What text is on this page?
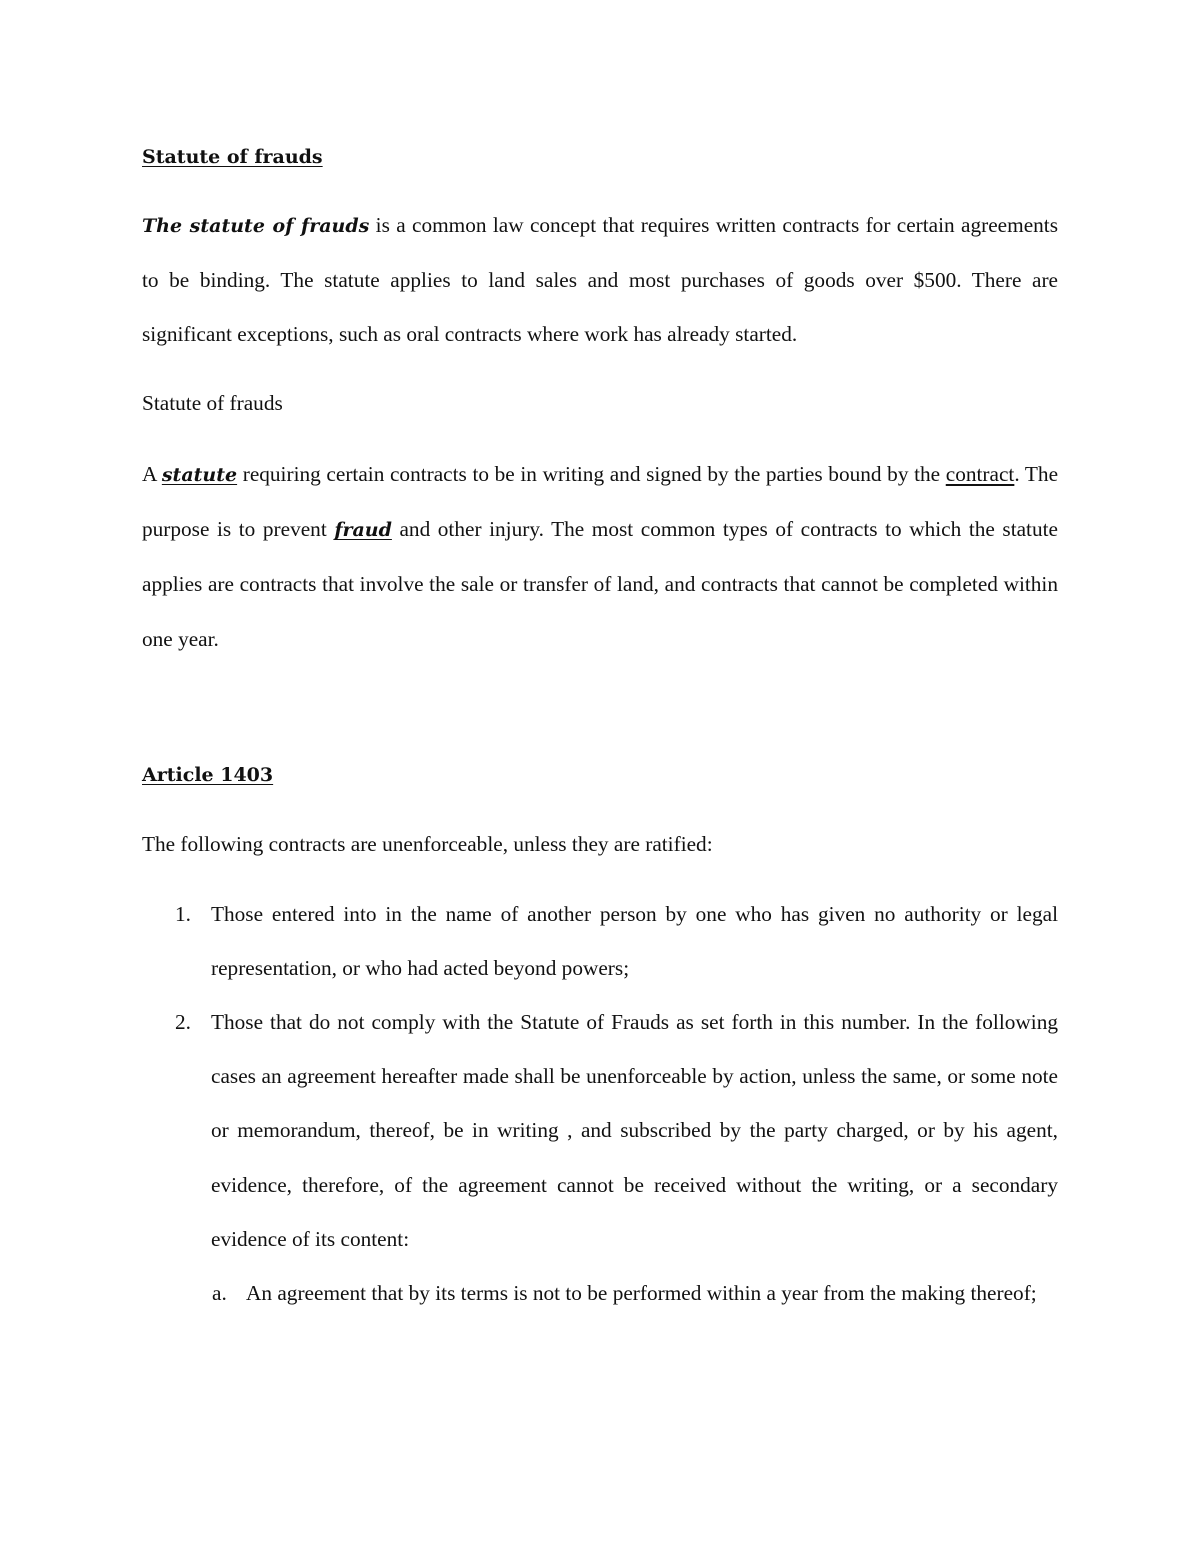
Statute of frauds

The statute of frauds is a common law concept that requires written contracts for certain agreements to be binding. The statute applies to land sales and most purchases of goods over $500. There are significant exceptions, such as oral contracts where work has already started.

Statute of frauds

A statute requiring certain contracts to be in writing and signed by the parties bound by the contract. The purpose is to prevent fraud and other injury. The most common types of contracts to which the statute applies are contracts that involve the sale or transfer of land, and contracts that cannot be completed within one year.

Article 1403

The following contracts are unenforceable, unless they are ratified:

1. Those entered into in the name of another person by one who has given no authority or legal representation, or who had acted beyond powers;
2. Those that do not comply with the Statute of Frauds as set forth in this number. In the following cases an agreement hereafter made shall be unenforceable by action, unless the same, or some note or memorandum, thereof, be in writing , and subscribed by the party charged, or by his agent, evidence, therefore, of the agreement cannot be received without the writing, or a secondary evidence of its content:
a. An agreement that by its terms is not to be performed within a year from the making thereof;
